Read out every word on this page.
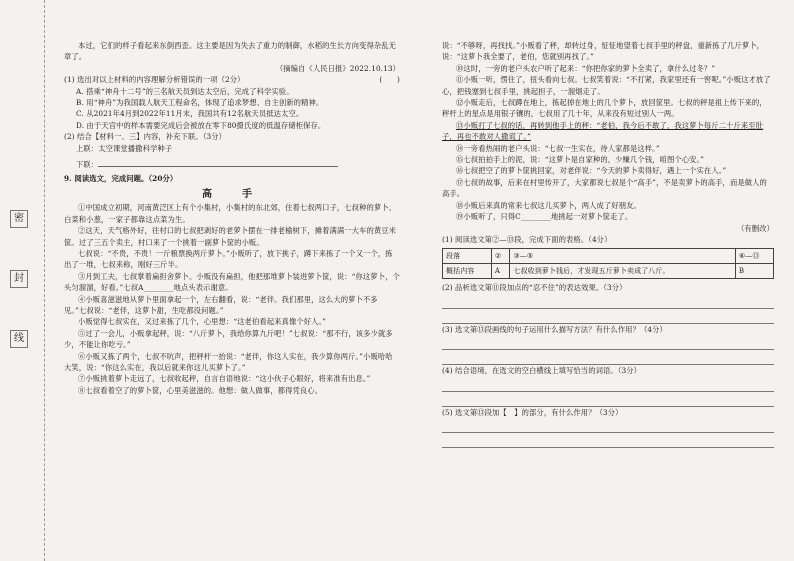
密
封
线

本过，它们的样子看起来东倒西歪。这主要是因为失去了重力的制御，水稻的生长方向变得杂乱无章了。

（摘编自《人民日报》2022.10.13）

(1) 选出对以上材料的内容理解分析错误的一项（2分）	(　　)

A. 搭乘“神舟十二号”的三名航天员到达太空后，完成了科学实验。

B. 用“神舟”为我国载人航天工程命名，体现了追求梦想、自主创新的精神。

C. 从2021年4月到2022年11月末，我国共有12名航天员抵达太空。

D. 由于天宫中的样本需要完成后会被放在零下80摄氏度的低温存储柜保存。

(2) 结合【材料一、三】内容，补充下联。（3分）

上联：太空课堂播撒科学种子

下联：

9. 阅读选文，完成问题。（20分）

高　手

①中国成立初期，河南黄泛区上有个小集村，小集村的东北郊，住着七叔两口子，七叔种的萝卜、白菜和小葱，一家子都靠这点菜为生。

②这天，天气格外好，往村口的七叔把剥好的老萝卜摆在一排老榆树下，摊着满满一大车的黄豆米筐。过了三五个卖主，村口来了一个挑着一副萝卜筐的小贩。

七叔说：“不贵，不贵！一斤粮票换两斤萝卜。”小贩听了，放下挑子，蹲下来拣了一个又一个，拣出了一堆，七叔来称，刚好三斤半。

③月到工夫，七叔掌着扁担舍萝卜。小贩没有扁担，他把那堆萝卜装进萝卜筐，说：“你这萝卜，个头匀溜溜，好看。”七叔A________地点头表示谢意。

④小贩喜滋滋地从萝卜里面拿起一个，左右翻看，说：“老伴。我们那里，这么大的萝卜不多见。”七叔说：“老伴，这萝卜甜，生吃都没问题。”

小贩觉得七叔实在，又过来拣了几个，心里想：“这老伯看起来真像个好人。”

⑤过了一会儿，小贩拿起秤，说：“八斤萝卜，我给你算九斤吧！”七叔说：“那不行，该多少就多少，不能让你吃亏。”

⑥小贩又拣了两个，七叔不吭声，把秤杆一抬说：“老伴，你这人实在，我少算你两斤。”小贩哈哈大笑，说：“你这么实在，我以后就来你这儿买萝卜了。”

⑦小贩挑着萝卜走远了，七叔收起秤，自言自语地说：“这小伙子心眼好，将来准有出息。”

⑧七叔看着空了的萝卜筐，心里美滋滋的。他想：做人做事，都得凭良心。

说：“不够呀，再找找。”小贩看了秤，却转过身，怔怔地望着七叔手里的秤盘，重新拣了几斤萝卜，说：“这萝卜我全要了，老伯，您就别再找了。”

⑩这时，一旁的老户头农户听了起来：“你把你家的萝卜全卖了，拿什么过冬？”

⑪小贩一听，愣住了，扭头看向七叔。七叔笑着说：“不打紧，我家里还有一窖呢。”小贩这才放了心，把钱塞到七叔手里，挑起担子，一溜烟走了。

⑫小贩走后，七叔蹲在地上，拣起掉在地上的几个萝卜，放回筐里。七叔的秤是祖上传下来的，秤杆上的星点是用银子镶的，七叔用了几十年，从来没有短过别人一两。

⑬小贩打了七叔的话，再转到他手上的秤：“老伯，我今后不敢了，我这萝卜每斤二十斤来至肚子，再也不敢对人撒谎了。”

⑭一旁看热闹的老户头说：“七叔一生实在，待人家都是这样。”

⑮七叔拍拍手上的泥，说：“这萝卜是自家种的，少赚几个钱，咱图个心安。”

⑯七叔把空了的萝卜筐挑回家，对老伴说：“今天的萝卜卖得好，遇上一个实在人。”

⑰七叔的故事，后来在村里传开了，大家都说七叔是个“高手”，不是卖萝卜的高手，而是做人的高手。

⑱小贩后来真的常来七叔这儿买萝卜，两人成了好朋友。

⑲小贩听了，只得C________地挑起一对萝卜筐走了。

（有删改）

(1) 阅读选文第②—⑬段，完成下面的表格。（4分）

段落	②	③—⑤	⑥—⑬
概括内容	A	七叔收到萝卜钱后，才发现五斤萝卜卖成了八斤。	B

(2) 品析选文第⑪段加点的“忍不住”的表达效果。（3分）

(3) 选文第⑬段画线的句子运用什么描写方法？有什么作用？（4分）

(4) 结合语境，在选文的空白横线上填写恰当的词语。（3分）

(5) 选文第⑬段加【　】的部分，有什么作用？（3分）
